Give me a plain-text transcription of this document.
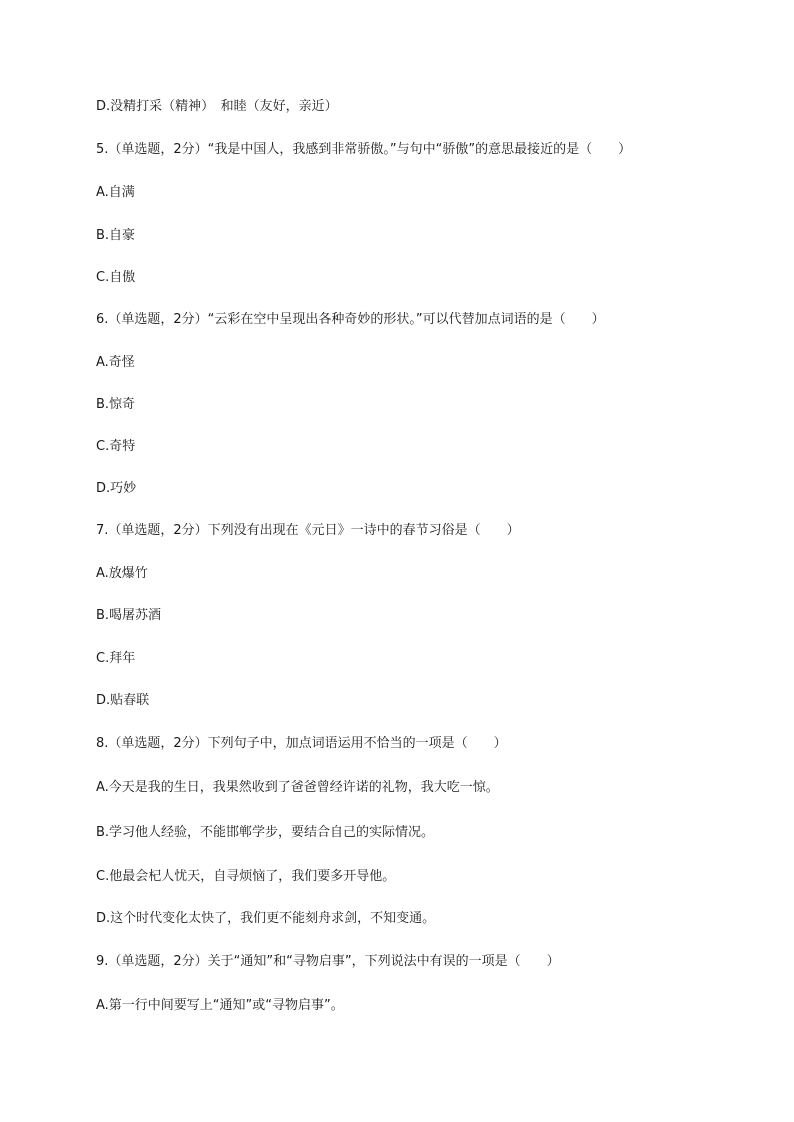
D.没精打采（精神）　和睦（友好，亲近）

5.（单选题，2分）“我是中国人，我感到非常骄傲。”与句中“骄傲”的意思最接近的是（　　）

A.自满

B.自豪

C.自傲

6.（单选题，2分）“云彩在空中呈现出各种奇妙的形状。”可以代替加点词语的是（　　）

A.奇怪

B.惊奇

C.奇特

D.巧妙

7.（单选题，2分）下列没有出现在《元日》一诗中的春节习俗是（　　）

A.放爆竹

B.喝屠苏酒

C.拜年

D.贴春联

8.（单选题，2分）下列句子中，加点词语运用不恰当的一项是（　　）

A.今天是我的生日，我果然收到了爸爸曾经许诺的礼物，我大吃一惊。

B.学习他人经验，不能邯郸学步，要结合自己的实际情况。

C.他最会杞人忧天，自寻烦恼了，我们要多开导他。

D.这个时代变化太快了，我们更不能刻舟求剑，不知变通。

9.（单选题，2分）关于“通知”和“寻物启事”，下列说法中有误的一项是（　　）

A.第一行中间要写上“通知”或“寻物启事”。
